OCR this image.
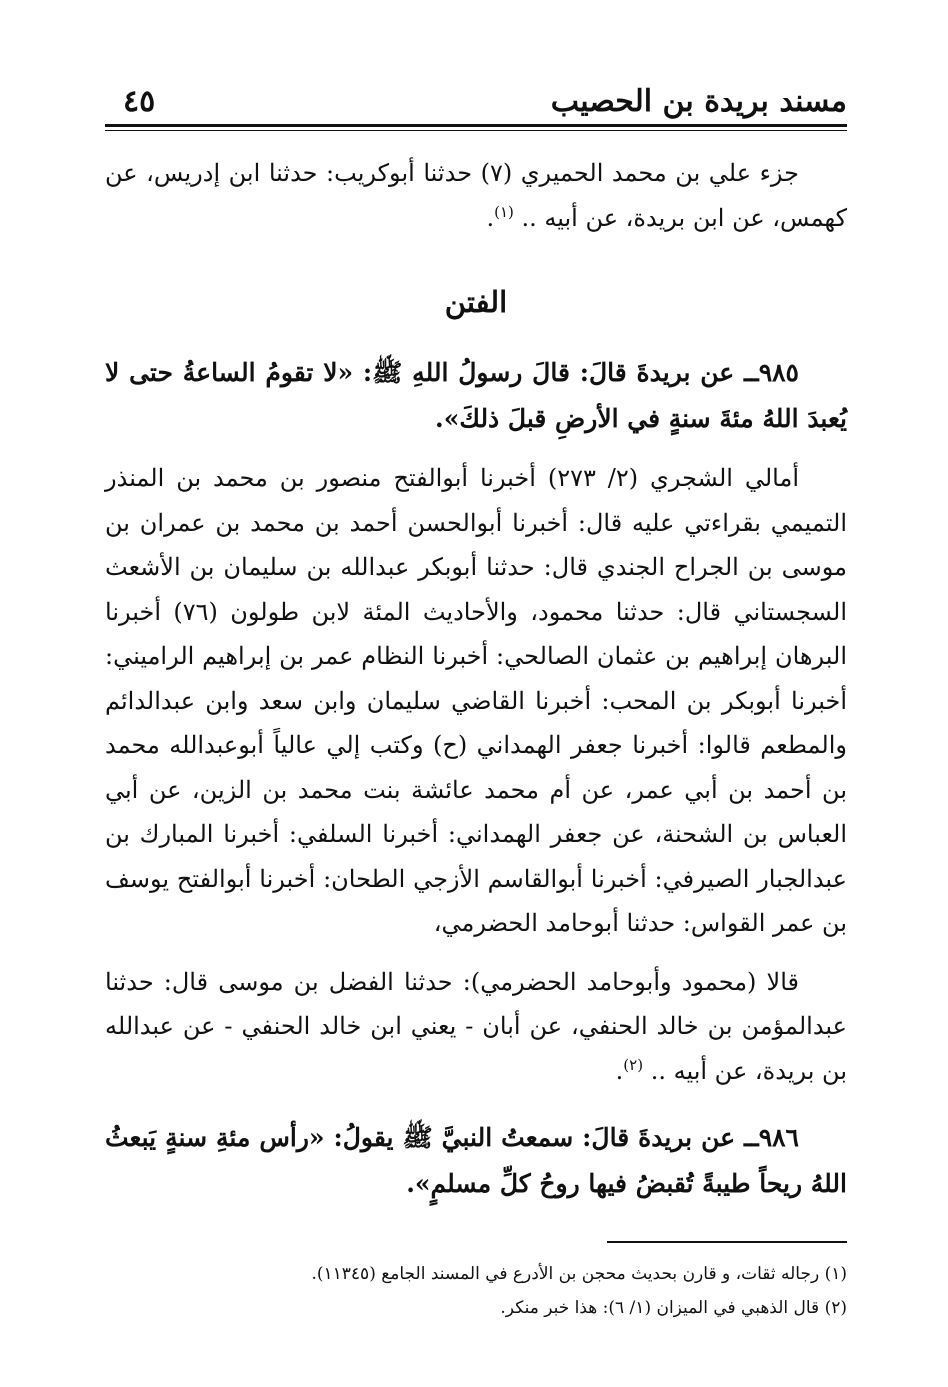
مسند بريدة بن الحصيب
٤٥

جزء علي بن محمد الحميري (٧) حدثنا أبوكريب: حدثنا ابن إدريس، عن كهمس، عن ابن بريدة، عن أبيه .. $^{(١)}$.

الفتن

٩٨٥ــ عن بريدةَ قالَ: قالَ رسولُ اللهِ ﷺ: «لا تقومُ الساعةُ حتى لا يُعبدَ اللهُ مئةَ سنةٍ في الأرضِ قبلَ ذلكَ».

أمالي الشجري (٢/ ٢٧٣) أخبرنا أبوالفتح منصور بن محمد بن المنذر التميمي بقراءتي عليه قال: أخبرنا أبوالحسن أحمد بن محمد بن عمران بن موسى بن الجراح الجندي قال: حدثنا أبوبكر عبدالله بن سليمان بن الأشعث السجستاني قال: حدثنا محمود، والأحاديث المئة لابن طولون (٧٦) أخبرنا البرهان إبراهيم بن عثمان الصالحي: أخبرنا النظام عمر بن إبراهيم الراميني: أخبرنا أبوبكر بن المحب: أخبرنا القاضي سليمان وابن سعد وابن عبدالدائم والمطعم قالوا: أخبرنا جعفر الهمداني (ح) وكتب إلي عالياً أبوعبدالله محمد بن أحمد بن أبي عمر، عن أم محمد عائشة بنت محمد بن الزين، عن أبي العباس بن الشحنة، عن جعفر الهمداني: أخبرنا السلفي: أخبرنا المبارك بن عبدالجبار الصيرفي: أخبرنا أبوالقاسم الأزجي الطحان: أخبرنا أبوالفتح يوسف بن عمر القواس: حدثنا أبوحامد الحضرمي،

قالا (محمود وأبوحامد الحضرمي): حدثنا الفضل بن موسى قال: حدثنا عبدالمؤمن بن خالد الحنفي، عن أبان - يعني ابن خالد الحنفي - عن عبدالله بن بريدة، عن أبيه .. $^{(٢)}$.

٩٨٦ــ عن بريدةَ قالَ: سمعتُ النبيَّ ﷺ يقولُ: «رأس مئةِ سنةٍ يَبعثُ اللهُ ريحاً طيبةً تُقبضُ فيها روحُ كلِّ مسلمٍ».

(١) رجاله ثقات، و قارن بحديث محجن بن الأدرع في المسند الجامع (١١٣٤٥).

(٢) قال الذهبي في الميزان (١/ ٦): هذا خبر منكر.
